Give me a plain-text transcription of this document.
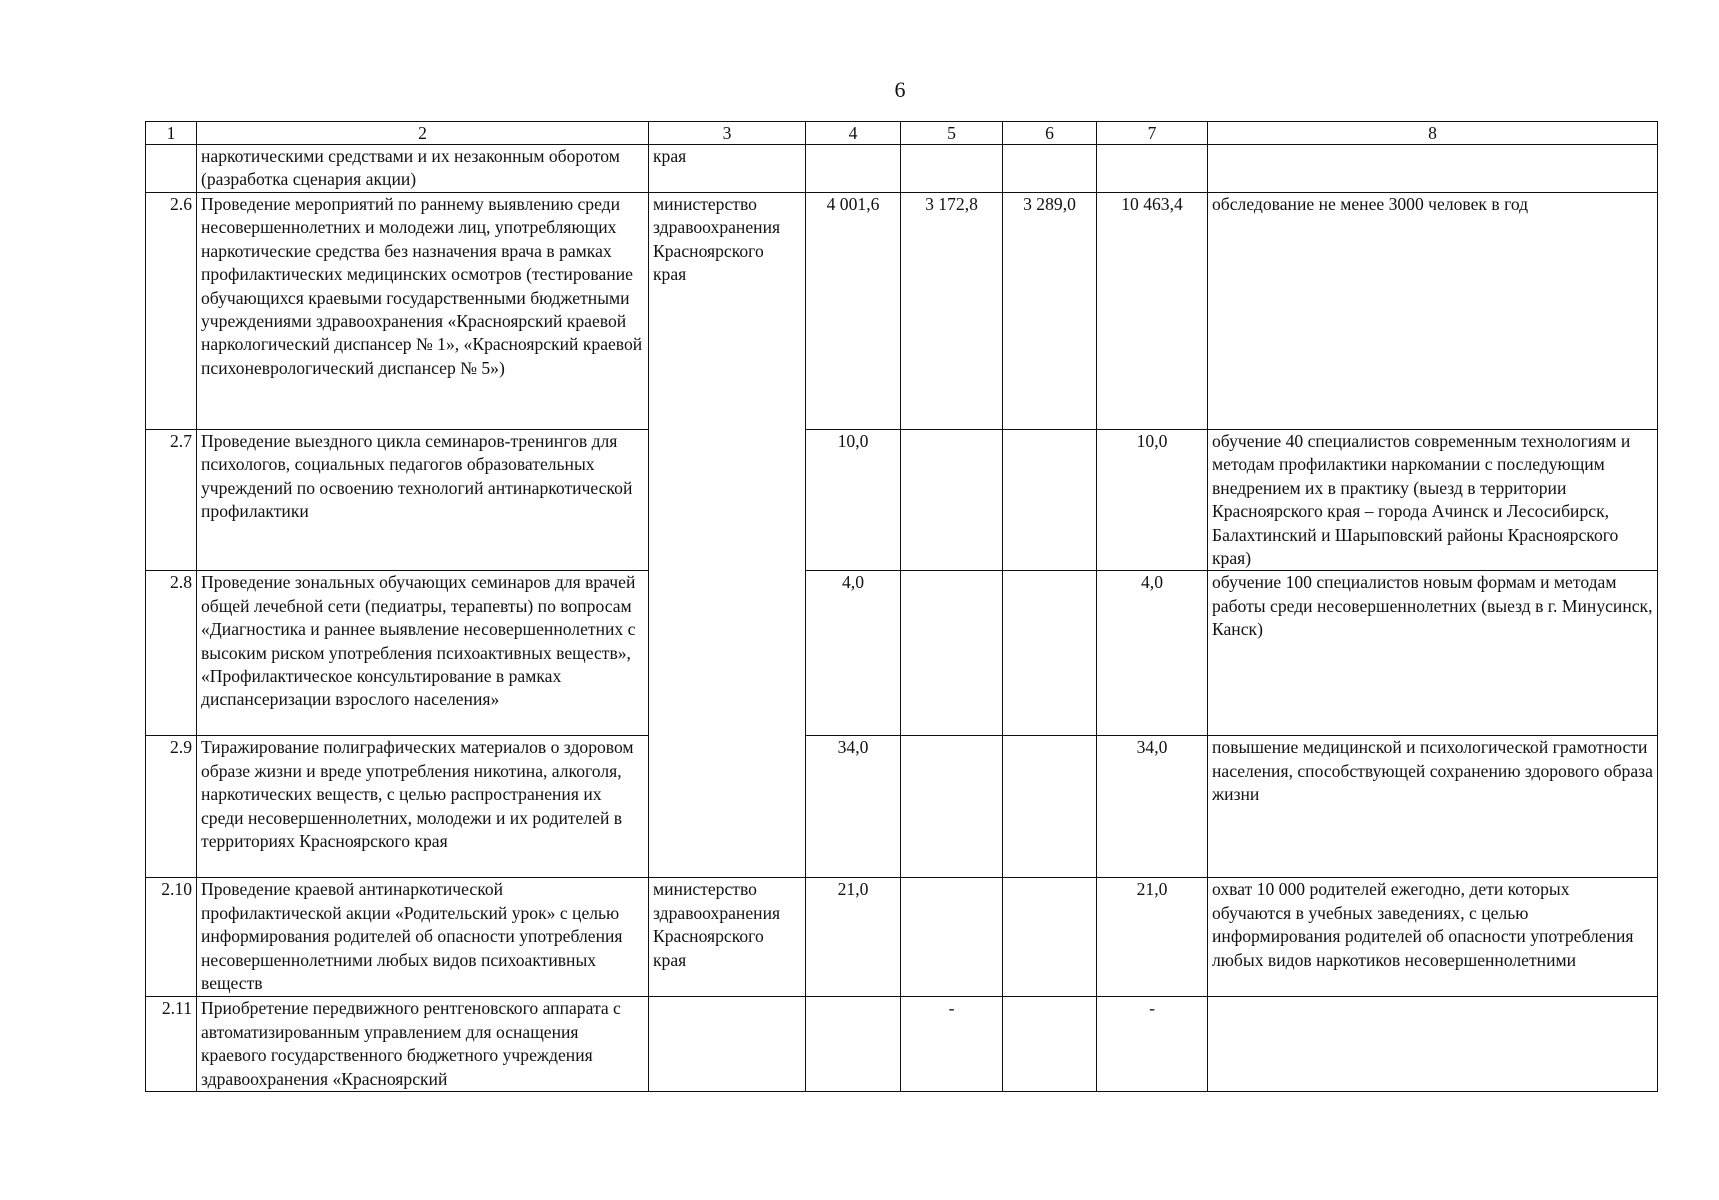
6
1	2	3	4	5	6	7	8
	наркотическими средствами и их незаконным оборотом (разработка сценария акции)	края					
2.6	Проведение мероприятий по раннему выявлению среди несовершеннолетних и молодежи лиц, употребляющих наркотические средства без назначения врача в рамках профилактических медицинских осмотров (тестирование обучающихся краевыми государственными бюджетными учреждениями здравоохранения «Красноярский краевой наркологический диспансер № 1», «Красноярский краевой психоневрологический диспансер № 5»)	министерство здравоохранения Красноярского края	4 001,6	3 172,8	3 289,0	10 463,4	обследование не менее 3000 человек в год
2.7	Проведение выездного цикла семинаров-тренингов для психологов, социальных педагогов образовательных учреждений по освоению технологий антинаркотической профилактики		10,0			10,0	обучение 40 специалистов современным технологиям и методам профилактики наркомании с последующим внедрением их в практику (выезд в территории Красноярского края – города Ачинск и Лесосибирск, Балахтинский и Шарыповский районы Красноярского края)
2.8	Проведение зональных обучающих семинаров для врачей общей лечебной сети (педиатры, терапевты) по вопросам «Диагностика и раннее выявление несовершеннолетних с высоким риском употребления психоактивных веществ», «Профилактическое консультирование в рамках диспансеризации взрослого населения»		4,0			4,0	обучение 100 специалистов новым формам и методам работы среди несовершеннолетних (выезд в г. Минусинск, Канск)
2.9	Тиражирование полиграфических материалов о здоровом образе жизни и вреде употребления никотина, алкоголя, наркотических веществ, с целью распространения их среди несовершеннолетних, молодежи и их родителей в территориях Красноярского края		34,0			34,0	повышение медицинской и психологической грамотности населения, способствующей сохранению здорового образа жизни
2.10	Проведение краевой антинаркотической профилактической акции «Родительский урок» с целью информирования родителей об опасности употребления несовершеннолетними любых видов психоактивных веществ	министерство здравоохранения Красноярского края	21,0			21,0	охват 10 000 родителей ежегодно, дети которых обучаются в учебных заведениях, с целью информирования родителей об опасности употребления любых видов наркотиков несовершеннолетними
2.11	Приобретение передвижного рентгеновского аппарата с автоматизированным управлением для оснащения краевого государственного бюджетного учреждения здравоохранения «Красноярский			-		-	
